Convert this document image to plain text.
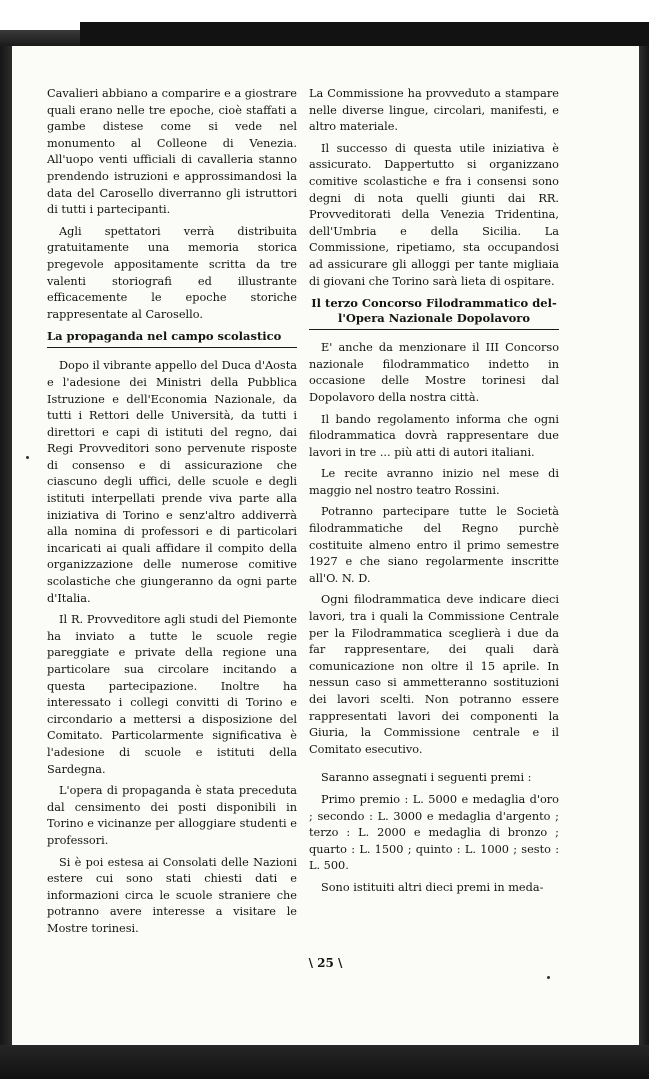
Cavalieri abbiano a comparire e a giostrare quali erano nelle tre epoche, cioè staffati a gambe distese come si vede nel monumento al Colleone di Venezia. All'uopo venti ufficiali di cavalleria stanno prendendo istruzioni e approssimandosi la data del Carosello diverranno gli istruttori di tutti i partecipanti.

Agli spettatori verrà distribuita gratuitamente una memoria storica pregevole appositamente scritta da tre valenti storiografi ed illustrante efficacemente le epoche storiche rappresentate al Carosello.

La propaganda nel campo scolastico

Dopo il vibrante appello del Duca d'Aosta e l'adesione dei Ministri della Pubblica Istruzione e dell'Economia Nazionale, da tutti i Rettori delle Università, da tutti i direttori e capi di istituti del regno, dai Regi Provveditori sono pervenute risposte di consenso e di assicurazione che ciascuno degli uffici, delle scuole e degli istituti interpellati prende viva parte alla iniziativa di Torino e senz'altro addiverrà alla nomina di professori e di particolari incaricati ai quali affidare il compito della organizzazione delle numerose comitive scolastiche che giungeranno da ogni parte d'Italia.

Il R. Provveditore agli studi del Piemonte ha inviato a tutte le scuole regie pareggiate e private della regione una particolare sua circolare incitando a questa partecipazione. Inoltre ha interessato i collegi convitti di Torino e circondario a mettersi a disposizione del Comitato. Particolarmente significativa è l'adesione di scuole e istituti della Sardegna.

L'opera di propaganda è stata preceduta dal censimento dei posti disponibili in Torino e vicinanze per alloggiare studenti e professori.

Si è poi estesa ai Consolati delle Nazioni estere cui sono stati chiesti dati e informazioni circa le scuole straniere che potranno avere interesse a visitare le Mostre torinesi.

La Commissione ha provveduto a stampare nelle diverse lingue, circolari, manifesti, e altro materiale.

Il successo di questa utile iniziativa è assicurato. Dappertutto si organizzano comitive scolastiche e fra i consensi sono degni di nota quelli giunti dai RR. Provveditorati della Venezia Tridentina, dell'Umbria e della Sicilia. La Commissione, ripetiamo, sta occupandosi ad assicurare gli alloggi per tante migliaia di giovani che Torino sarà lieta di ospitare.

Il terzo Concorso Filodrammatico del-
l'Opera Nazionale Dopolavoro

E' anche da menzionare il III Concorso nazionale filodrammatico indetto in occasione delle Mostre torinesi dal Dopolavoro della nostra città.

Il bando regolamento informa che ogni filodrammatica dovrà rappresentare due lavori in tre ... più atti di autori italiani.

Le recite avranno inizio nel mese di maggio nel nostro teatro Rossini.

Potranno partecipare tutte le Società filodrammatiche del Regno purchè costituite almeno entro il primo semestre 1927 e che siano regolarmente inscritte all'O. N. D.

Ogni filodrammatica deve indicare dieci lavori, tra i quali la Commissione Centrale per la Filodrammatica sceglierà i due da far rappresentare, dei quali darà comunicazione non oltre il 15 aprile. In nessun caso si ammetteranno sostituzioni dei lavori scelti. Non potranno essere rappresentati lavori dei componenti la Giuria, la Commissione centrale e il Comitato esecutivo.

Saranno assegnati i seguenti premi :

Primo premio : L. 5000 e medaglia d'oro ; secondo : L. 3000 e medaglia d'argento ; terzo : L. 2000 e medaglia di bronzo ; quarto : L. 1500 ; quinto : L. 1000 ; sesto : L. 500.

Sono istituiti altri dieci premi in meda-

\ 25 \
